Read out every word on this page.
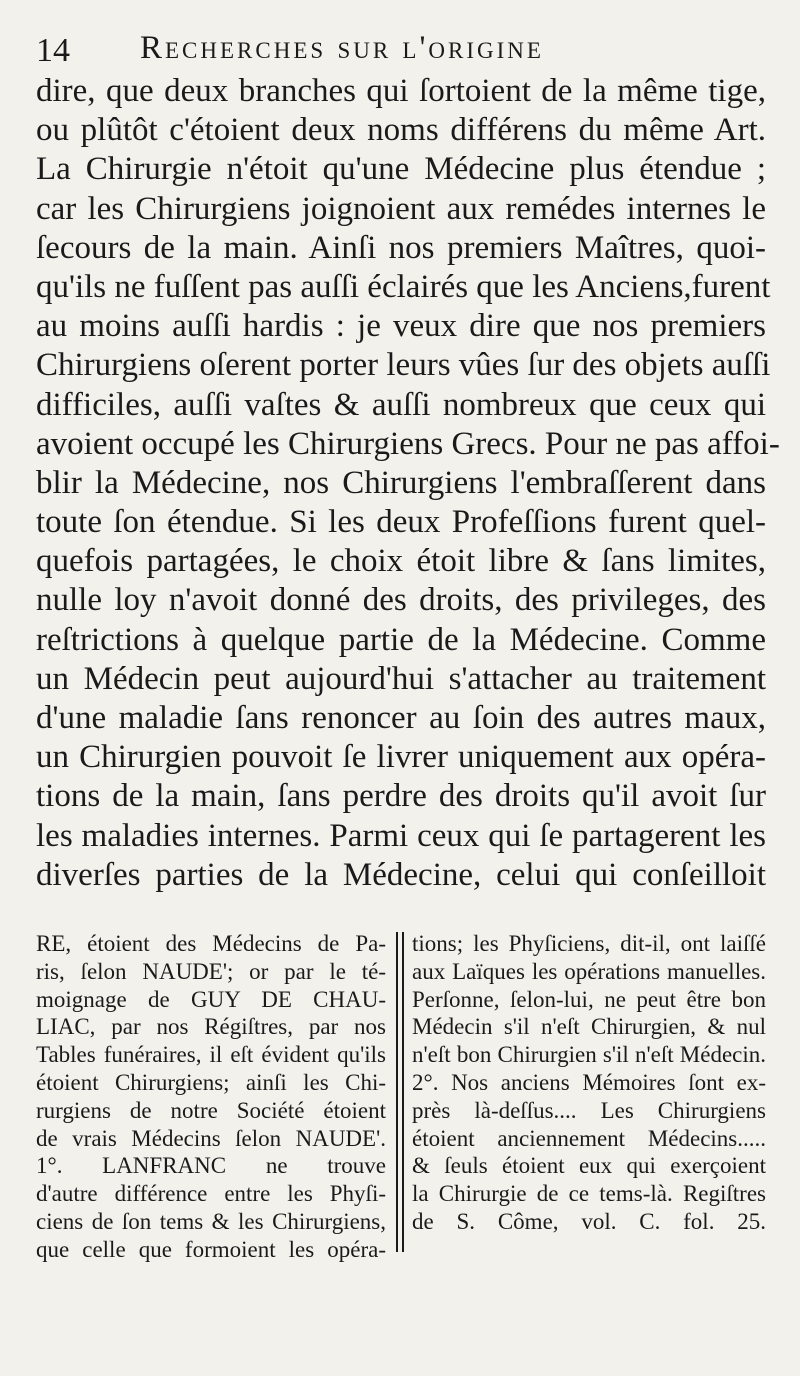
14 Recherches sur l'origine
dire, que deux branches qui ſortoient de la même tige,
ou plûtôt c'étoient deux noms différens du même Art.
La Chirurgie n'étoit qu'une Médecine plus étendue ;
car les Chirurgiens joignoient aux remédes internes le
ſecours de la main. Ainſi nos premiers Maîtres, quoi-
qu'ils ne fuſſent pas auſſi éclairés que les Anciens,furent
au moins auſſi hardis : je veux dire que nos premiers
Chirurgiens oſerent porter leurs vûes ſur des objets auſſi
difficiles, auſſi vaſtes & auſſi nombreux que ceux qui
avoient occupé les Chirurgiens Grecs. Pour ne pas affoi-
blir la Médecine, nos Chirurgiens l'embraſſerent dans
toute ſon étendue. Si les deux Profeſſions furent quel-
quefois partagées, le choix étoit libre & ſans limites,
nulle loy n'avoit donné des droits, des privileges, des
reſtrictions à quelque partie de la Médecine. Comme
un Médecin peut aujourd'hui s'attacher au traitement
d'une maladie ſans renoncer au ſoin des autres maux,
un Chirurgien pouvoit ſe livrer uniquement aux opéra-
tions de la main, ſans perdre des droits qu'il avoit ſur
les maladies internes. Parmi ceux qui ſe partagerent les
diverſes parties de la Médecine, celui qui conſeilloit
RE, étoient des Médecins de Pa-
ris, ſelon NAUDE'; or par le té-
moignage de GUY DE CHAU-
LIAC, par nos Régiſtres, par nos
Tables funéraires, il eſt évident qu'ils
étoient Chirurgiens; ainſi les Chi-
rurgiens de notre Société étoient
de vrais Médecins ſelon NAUDE'.
1°. LANFRANC ne trouve
d'autre différence entre les Phyſi-
ciens de ſon tems & les Chirurgiens,
que celle que formoient les opéra-
tions; les Phyſiciens, dit-il, ont laiſſé
aux Laïques les opérations manuelles.
Perſonne, ſelon-lui, ne peut être bon
Médecin s'il n'eſt Chirurgien, & nul
n'eſt bon Chirurgien s'il n'eſt Médecin.
2°. Nos anciens Mémoires ſont ex-
près là-deſſus.... Les Chirurgiens
étoient anciennement Médecins.....
& ſeuls étoient eux qui exerçoient
la Chirurgie de ce tems-là. Regiſtres
de S. Côme, vol. C. fol. 25.
